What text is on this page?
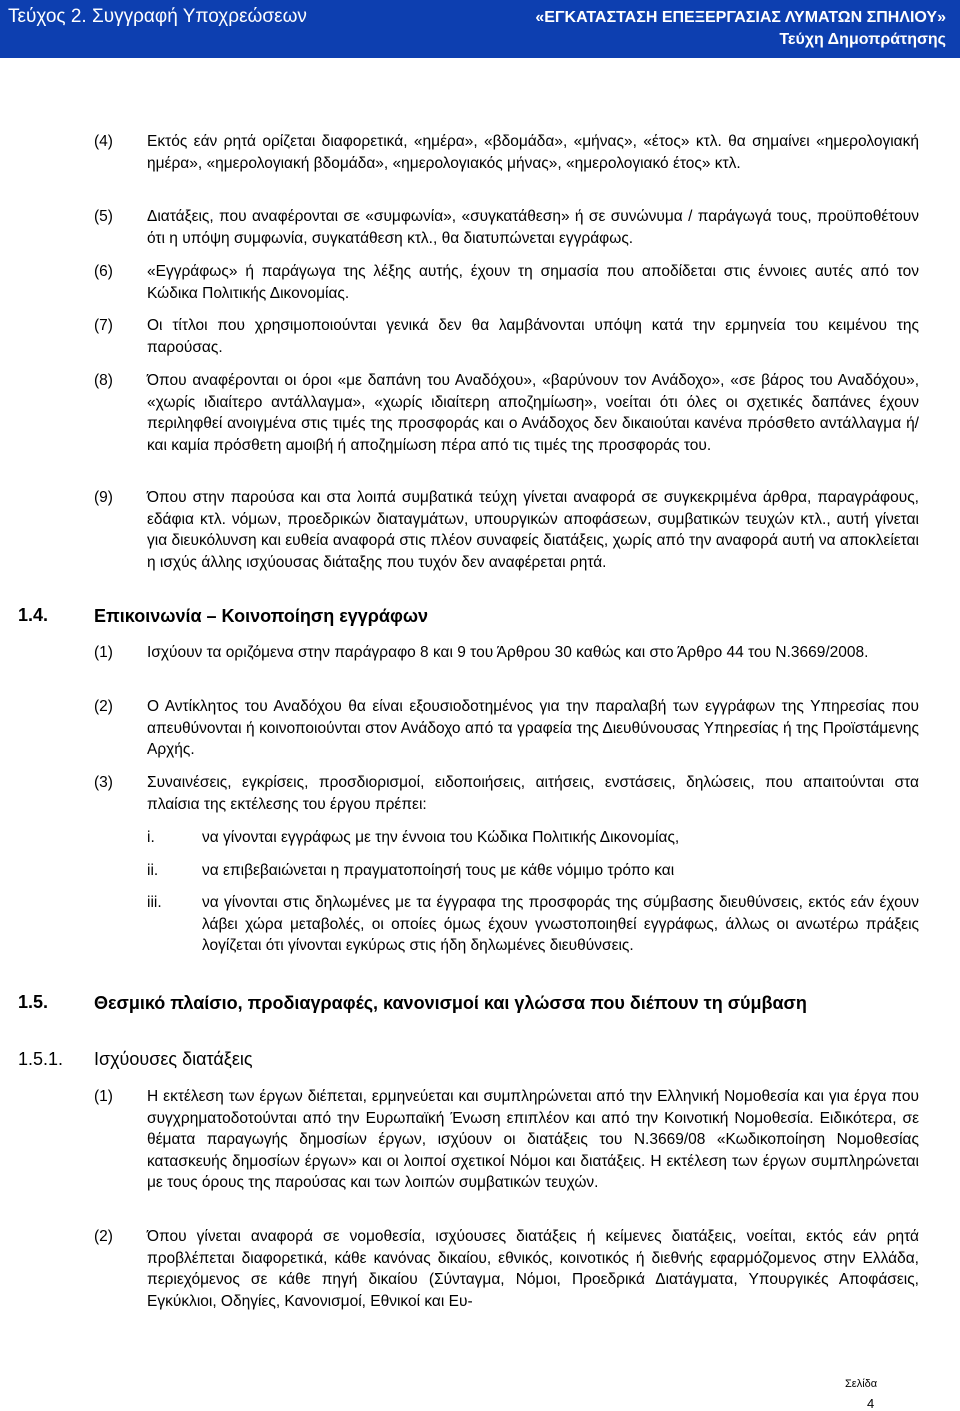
Τεύχος 2. Συγγραφή Υποχρεώσεων	«ΕΓΚΑΤΑΣΤΑΣΗ ΕΠΕΞΕΡΓΑΣΙΑΣ ΛΥΜΑΤΩΝ ΣΠΗΛΙΟΥ»
Τεύχη Δημοπράτησης
(4) Εκτός εάν ρητά ορίζεται διαφορετικά, «ημέρα», «βδομάδα», «μήνας», «έτος» κτλ. θα σημαίνει «ημερολογιακή ημέρα», «ημερολογιακή βδομάδα», «ημερολογιακός μήνας», «ημερολογιακό έτος» κτλ.
(5) Διατάξεις, που αναφέρονται σε «συμφωνία», «συγκατάθεση» ή σε συνώνυμα / παράγωγά τους, προϋποθέτουν ότι η υπόψη συμφωνία, συγκατάθεση κτλ., θα διατυπώνεται εγγράφως.
(6) «Εγγράφως» ή παράγωγα της λέξης αυτής, έχουν τη σημασία που αποδίδεται στις έννοιες αυτές από τον Κώδικα Πολιτικής Δικονομίας.
(7) Οι τίτλοι που χρησιμοποιούνται γενικά δεν θα λαμβάνονται υπόψη κατά την ερμηνεία του κειμένου της παρούσας.
(8) Όπου αναφέρονται οι όροι «με δαπάνη του Αναδόχου», «βαρύνουν τον Ανάδοχο», «σε βάρος του Αναδόχου», «χωρίς ιδιαίτερο αντάλλαγμα», «χωρίς ιδιαίτερη αποζημίωση», νοείται ότι όλες οι σχετικές δαπάνες έχουν περιληφθεί ανοιγμένα στις τιμές της προσφοράς και ο Ανάδοχος δεν δικαιούται κανένα πρόσθετο αντάλλαγμα ή/ και καμία πρόσθετη αμοιβή ή αποζημίωση πέρα από τις τιμές της προσφοράς του.
(9) Όπου στην παρούσα και στα λοιπά συμβατικά τεύχη γίνεται αναφορά σε συγκεκριμένα άρθρα, παραγράφους, εδάφια κτλ. νόμων, προεδρικών διαταγμάτων, υπουργικών αποφάσεων, συμβατικών τευχών κτλ., αυτή γίνεται για διευκόλυνση και ευθεία αναφορά στις πλέον συναφείς διατάξεις, χωρίς από την αναφορά αυτή να αποκλείεται η ισχύς άλλης ισχύουσας διάταξης που τυχόν δεν αναφέρεται ρητά.
1.4.	Επικοινωνία – Κοινοποίηση εγγράφων
(1) Ισχύουν τα οριζόμενα στην παράγραφο 8 και 9 του Άρθρου 30 καθώς και στο Άρθρο 44 του Ν.3669/2008.
(2) Ο Αντίκλητος του Αναδόχου θα είναι εξουσιοδοτημένος για την παραλαβή των εγγράφων της Υπηρεσίας που απευθύνονται ή κοινοποιούνται στον Ανάδοχο από τα γραφεία της Διευθύνουσας Υπηρεσίας ή της Προϊστάμενης Αρχής.
(3) Συναινέσεις, εγκρίσεις, προσδιορισμοί, ειδοποιήσεις, αιτήσεις, ενστάσεις, δηλώσεις, που απαιτούνται στα πλαίσια της εκτέλεσης του έργου πρέπει:
i.	να γίνονται εγγράφως με την έννοια του Κώδικα Πολιτικής Δικονομίας,
ii.	να επιβεβαιώνεται η πραγματοποίησή τους με κάθε νόμιμο τρόπο και
iii.	να γίνονται στις δηλωμένες με τα έγγραφα της προσφοράς της σύμβασης διευθύνσεις, εκτός εάν έχουν λάβει χώρα μεταβολές, οι οποίες όμως έχουν γνωστοποιηθεί εγγράφως, άλλως οι ανωτέρω πράξεις λογίζεται ότι γίνονται εγκύρως στις ήδη δηλωμένες διευθύνσεις.
1.5.	Θεσμικό πλαίσιο, προδιαγραφές, κανονισμοί και γλώσσα που διέπουν τη σύμβαση
1.5.1. Ισχύουσες διατάξεις
(1) Η εκτέλεση των έργων διέπεται, ερμηνεύεται και συμπληρώνεται από την Ελληνική Νομοθεσία και για έργα που συγχρηματοδοτούνται από την Ευρωπαϊκή Ένωση επιπλέον και από την Κοινοτική Νομοθεσία. Ειδικότερα, σε θέματα παραγωγής δημοσίων έργων, ισχύουν οι διατάξεις του Ν.3669/08 «Κωδικοποίηση Νομοθεσίας κατασκευής δημοσίων έργων» και οι λοιποί σχετικοί Νόμοι και διατάξεις. Η εκτέλεση των έργων συμπληρώνεται με τους όρους της παρούσας και των λοιπών συμβατικών τευχών.
(2) Όπου γίνεται αναφορά σε νομοθεσία, ισχύουσες διατάξεις ή κείμενες διατάξεις, νοείται, εκτός εάν ρητά προβλέπεται διαφορετικά, κάθε κανόνας δικαίου, εθνικός, κοινοτικός ή διεθνής εφαρμόζομενος στην Ελλάδα, περιεχόμενος σε κάθε πηγή δικαίου (Σύνταγμα, Νόμοι, Προεδρικά Διατάγματα, Υπουργικές Αποφάσεις, Εγκύκλιοι, Οδηγίες, Κανονισμοί, Εθνικοί και Ευ-
Σελίδα
4
